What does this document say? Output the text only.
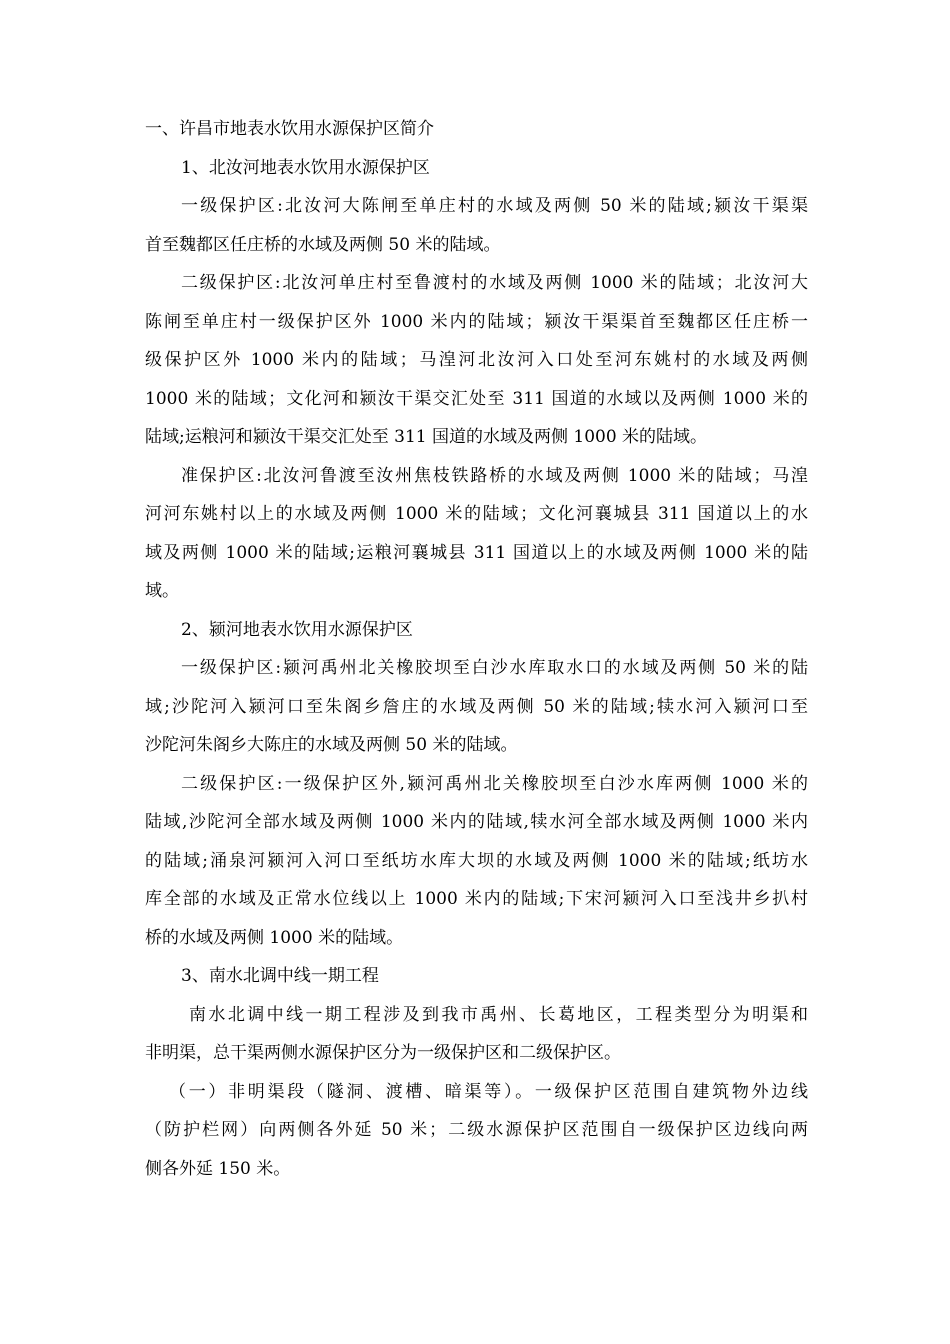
一、许昌市地表水饮用水源保护区简介
1、北汝河地表水饮用水源保护区
一级保护区:北汝河大陈闸至单庄村的水域及两侧 50 米的陆域;颍汝干渠渠
首至魏都区任庄桥的水域及两侧 50 米的陆域。
二级保护区:北汝河单庄村至鲁渡村的水域及两侧 1000 米的陆域；北汝河大
陈闸至单庄村一级保护区外 1000 米内的陆域；颍汝干渠渠首至魏都区任庄桥一
级保护区外 1000 米内的陆域；马湟河北汝河入口处至河东姚村的水域及两侧
1000 米的陆域；文化河和颍汝干渠交汇处至 311 国道的水域以及两侧 1000 米的
陆域;运粮河和颍汝干渠交汇处至 311 国道的水域及两侧 1000 米的陆域。
准保护区:北汝河鲁渡至汝州焦枝铁路桥的水域及两侧 1000 米的陆域；马湟
河河东姚村以上的水域及两侧 1000 米的陆域；文化河襄城县 311 国道以上的水
域及两侧 1000 米的陆域;运粮河襄城县 311 国道以上的水域及两侧 1000 米的陆
域。
2、颍河地表水饮用水源保护区
一级保护区:颍河禹州北关橡胶坝至白沙水库取水口的水域及两侧 50 米的陆
域;沙陀河入颍河口至朱阁乡詹庄的水域及两侧 50 米的陆域;犊水河入颍河口至
沙陀河朱阁乡大陈庄的水域及两侧 50 米的陆域。
二级保护区:一级保护区外,颍河禹州北关橡胶坝至白沙水库两侧 1000 米的
陆域,沙陀河全部水域及两侧 1000 米内的陆域,犊水河全部水域及两侧 1000 米内
的陆域;涌泉河颍河入河口至纸坊水库大坝的水域及两侧 1000 米的陆域;纸坊水
库全部的水域及正常水位线以上 1000 米内的陆域;下宋河颍河入口至浅井乡扒村
桥的水域及两侧 1000 米的陆域。
3、南水北调中线一期工程
南水北调中线一期工程涉及到我市禹州、长葛地区，工程类型分为明渠和
非明渠，总干渠两侧水源保护区分为一级保护区和二级保护区。
（一）非明渠段（隧洞、渡槽、暗渠等）。一级保护区范围自建筑物外边线
（防护栏网）向两侧各外延 50 米；二级水源保护区范围自一级保护区边线向两
侧各外延 150 米。
